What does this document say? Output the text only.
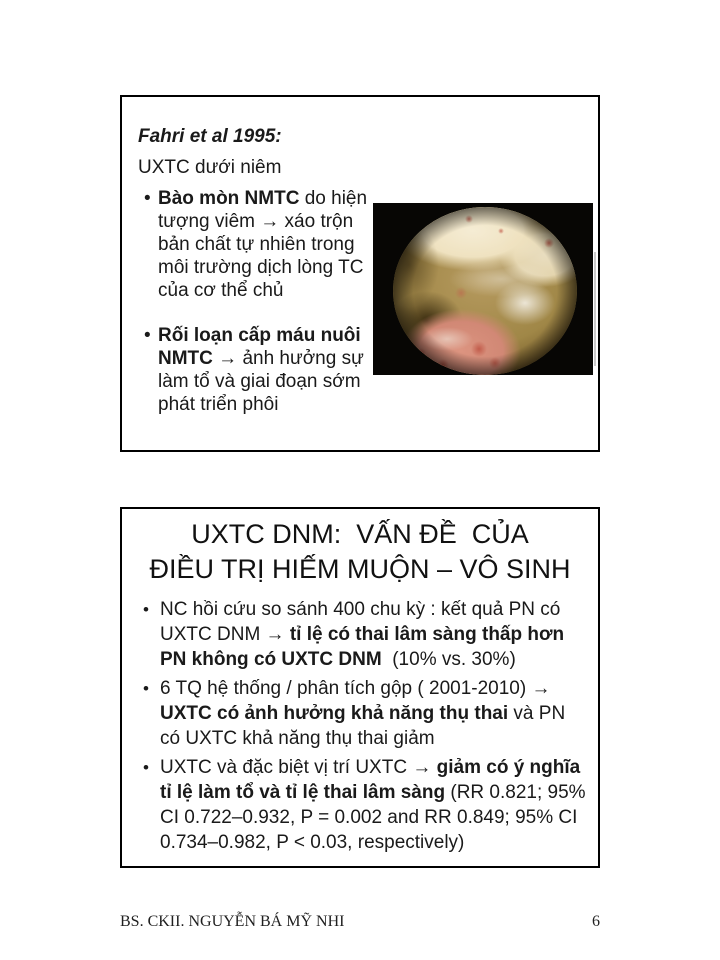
Fahri et al 1995:

UXTC dưới niêm

• Bào mòn NMTC do hiện tượng viêm → xáo trộn bản chất tự nhiên trong môi trường dịch lòng TC của cơ thể chủ
• Rối loạn cấp máu nuôi NMTC → ảnh hưởng sự làm tổ và giai đoạn sớm phát triển phôi
UXTC DNM:  VẤN ĐỀ  CỦA
ĐIỀU TRỊ HIẾM MUỘN – VÔ SINH
• NC hồi cứu so sánh 400 chu kỳ : kết quả PN có UXTC DNM → tỉ lệ có thai lâm sàng thấp hơn PN không có UXTC DNM  (10% vs. 30%)
• 6 TQ hệ thống / phân tích gộp ( 2001-2010) → UXTC có ảnh hưởng khả năng thụ thai và PN có UXTC khả năng thụ thai giảm
• UXTC và đặc biệt vị trí UXTC → giảm có ý nghĩa tỉ lệ làm tổ và tỉ lệ thai lâm sàng (RR 0.821; 95% CI 0.722–0.932, P = 0.002 and RR 0.849; 95% CI 0.734–0.982, P < 0.03, respectively)
BS. CKII. NGUYỄN BÁ MỸ NHI	6
